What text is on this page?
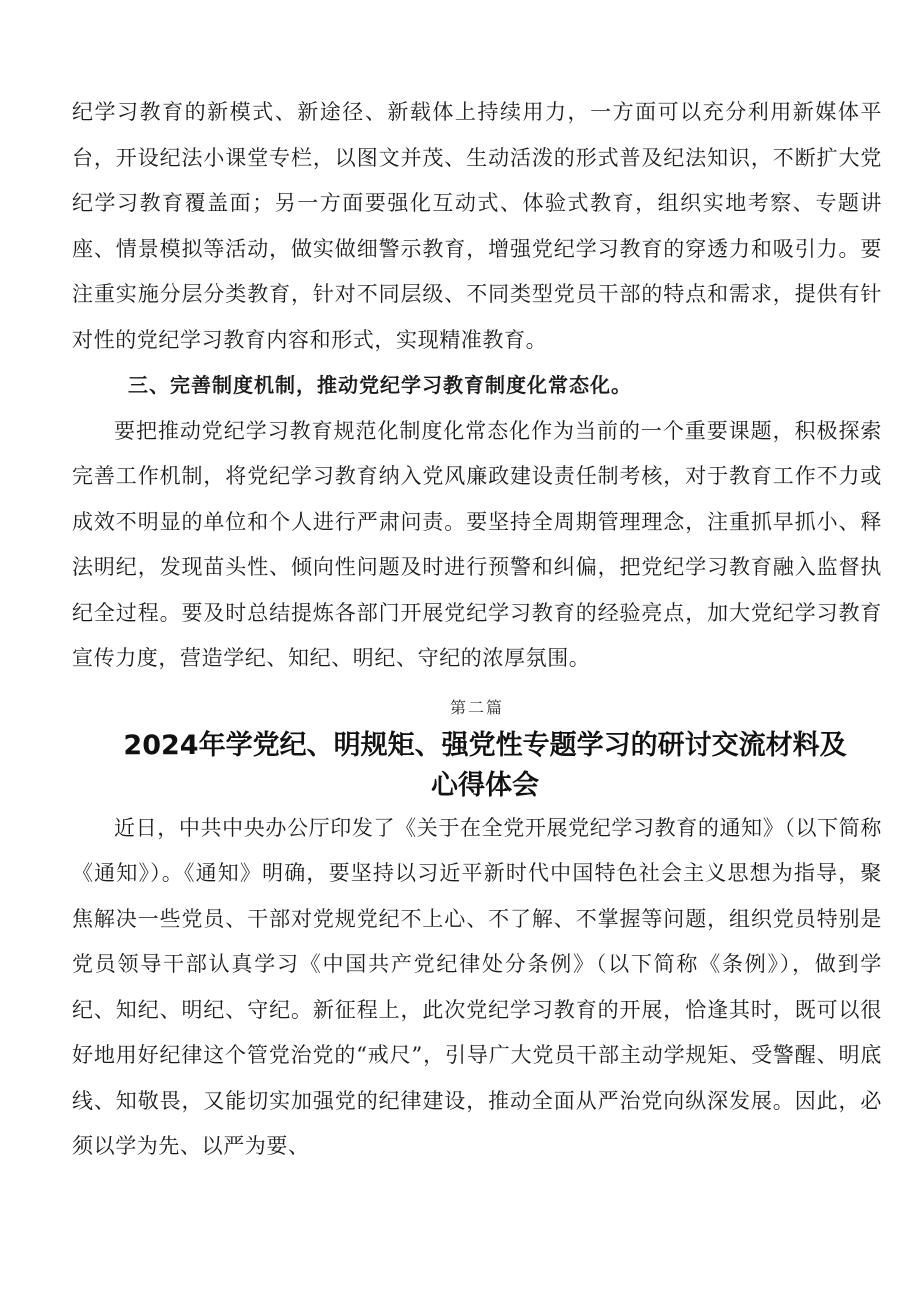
纪学习教育的新模式、新途径、新载体上持续用力，一方面可以充分利用新媒体平台，开设纪法小课堂专栏，以图文并茂、生动活泼的形式普及纪法知识，不断扩大党纪学习教育覆盖面；另一方面要强化互动式、体验式教育，组织实地考察、专题讲座、情景模拟等活动，做实做细警示教育，增强党纪学习教育的穿透力和吸引力。要注重实施分层分类教育，针对不同层级、不同类型党员干部的特点和需求，提供有针对性的党纪学习教育内容和形式，实现精准教育。

三、完善制度机制，推动党纪学习教育制度化常态化。

要把推动党纪学习教育规范化制度化常态化作为当前的一个重要课题，积极探索完善工作机制，将党纪学习教育纳入党风廉政建设责任制考核，对于教育工作不力或成效不明显的单位和个人进行严肃问责。要坚持全周期管理理念，注重抓早抓小、释法明纪，发现苗头性、倾向性问题及时进行预警和纠偏，把党纪学习教育融入监督执纪全过程。要及时总结提炼各部门开展党纪学习教育的经验亮点，加大党纪学习教育宣传力度，营造学纪、知纪、明纪、守纪的浓厚氛围。

第二篇

2024年学党纪、明规矩、强党性专题学习的研讨交流材料及
心得体会

近日，中共中央办公厅印发了《关于在全党开展党纪学习教育的通知》（以下简称《通知》）。《通知》明确，要坚持以习近平新时代中国特色社会主义思想为指导，聚焦解决一些党员、干部对党规党纪不上心、不了解、不掌握等问题，组织党员特别是党员领导干部认真学习《中国共产党纪律处分条例》（以下简称《条例》），做到学纪、知纪、明纪、守纪。新征程上，此次党纪学习教育的开展，恰逢其时，既可以很好地用好纪律这个管党治党的“戒尺”，引导广大党员干部主动学规矩、受警醒、明底线、知敬畏，又能切实加强党的纪律建设，推动全面从严治党向纵深发展。因此，必须以学为先、以严为要、
